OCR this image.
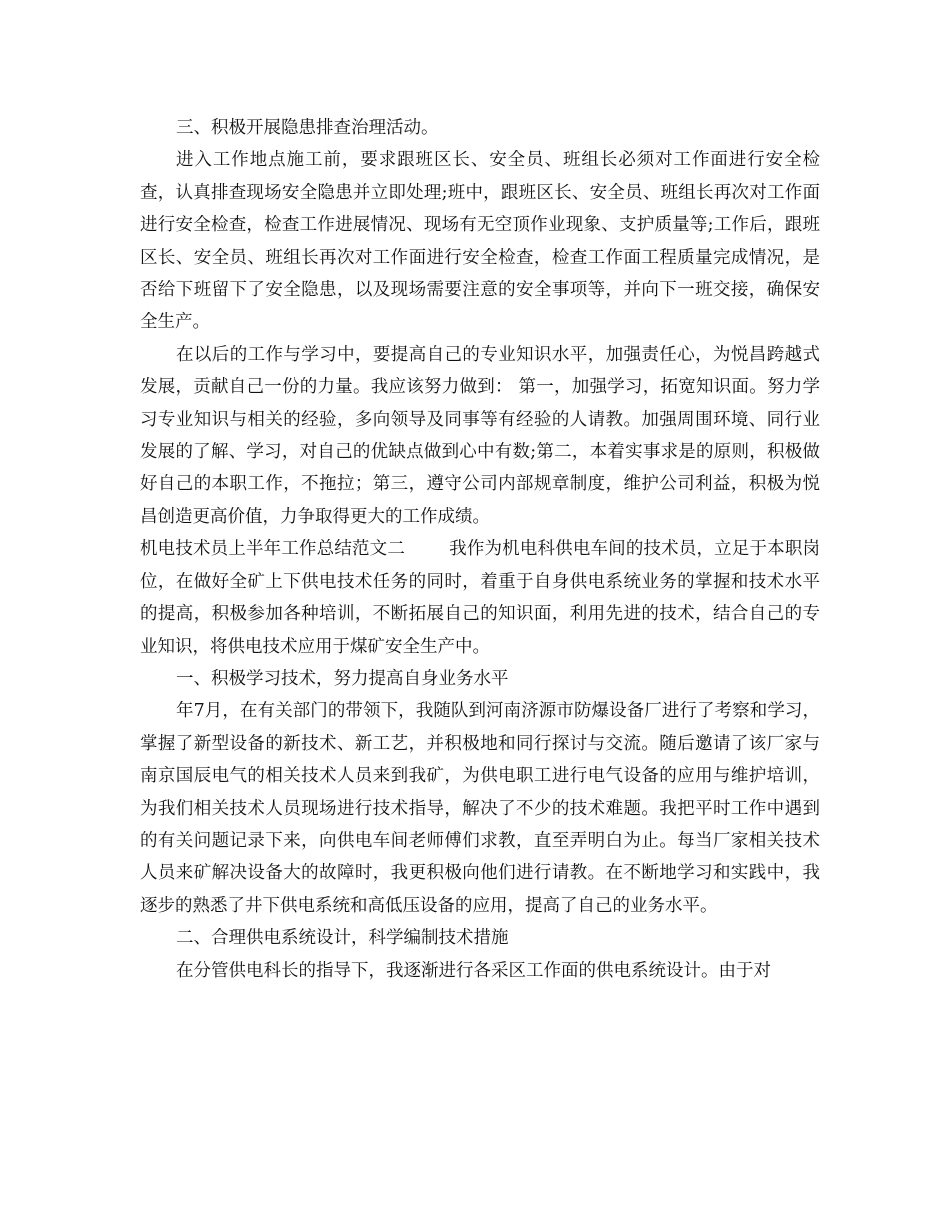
三、积极开展隐患排查治理活动。

进入工作地点施工前，要求跟班区长、安全员、班组长必须对工作面进行安全检查，认真排查现场安全隐患并立即处理;班中，跟班区长、安全员、班组长再次对工作面进行安全检查，检查工作进展情况、现场有无空顶作业现象、支护质量等;工作后，跟班区长、安全员、班组长再次对工作面进行安全检查，检查工作面工程质量完成情况，是否给下班留下了安全隐患，以及现场需要注意的安全事项等，并向下一班交接，确保安全生产。

在以后的工作与学习中，要提高自己的专业知识水平，加强责任心，为悦昌跨越式发展，贡献自己一份的力量。我应该努力做到： 第一，加强学习，拓宽知识面。努力学习专业知识与相关的经验，多向领导及同事等有经验的人请教。加强周围环境、同行业发展的了解、学习，对自己的优缺点做到心中有数;第二，本着实事求是的原则，积极做好自己的本职工作，不拖拉；第三，遵守公司内部规章制度，维护公司利益，积极为悦昌创造更高价值，力争取得更大的工作成绩。

机电技术员上半年工作总结范文二	我作为机电科供电车间的技术员，立足于本职岗位，在做好全矿上下供电技术任务的同时，着重于自身供电系统业务的掌握和技术水平的提高，积极参加各种培训，不断拓展自己的知识面，利用先进的技术，结合自己的专业知识，将供电技术应用于煤矿安全生产中。

一、积极学习技术，努力提高自身业务水平

年7月，在有关部门的带领下，我随队到河南济源市防爆设备厂进行了考察和学习，掌握了新型设备的新技术、新工艺，并积极地和同行探讨与交流。随后邀请了该厂家与南京国辰电气的相关技术人员来到我矿，为供电职工进行电气设备的应用与维护培训，为我们相关技术人员现场进行技术指导，解决了不少的技术难题。我把平时工作中遇到的有关问题记录下来，向供电车间老师傅们求教，直至弄明白为止。每当厂家相关技术人员来矿解决设备大的故障时，我更积极向他们进行请教。在不断地学习和实践中，我逐步的熟悉了井下供电系统和高低压设备的应用，提高了自己的业务水平。

二、合理供电系统设计，科学编制技术措施

在分管供电科长的指导下，我逐渐进行各采区工作面的供电系统设计。由于对
